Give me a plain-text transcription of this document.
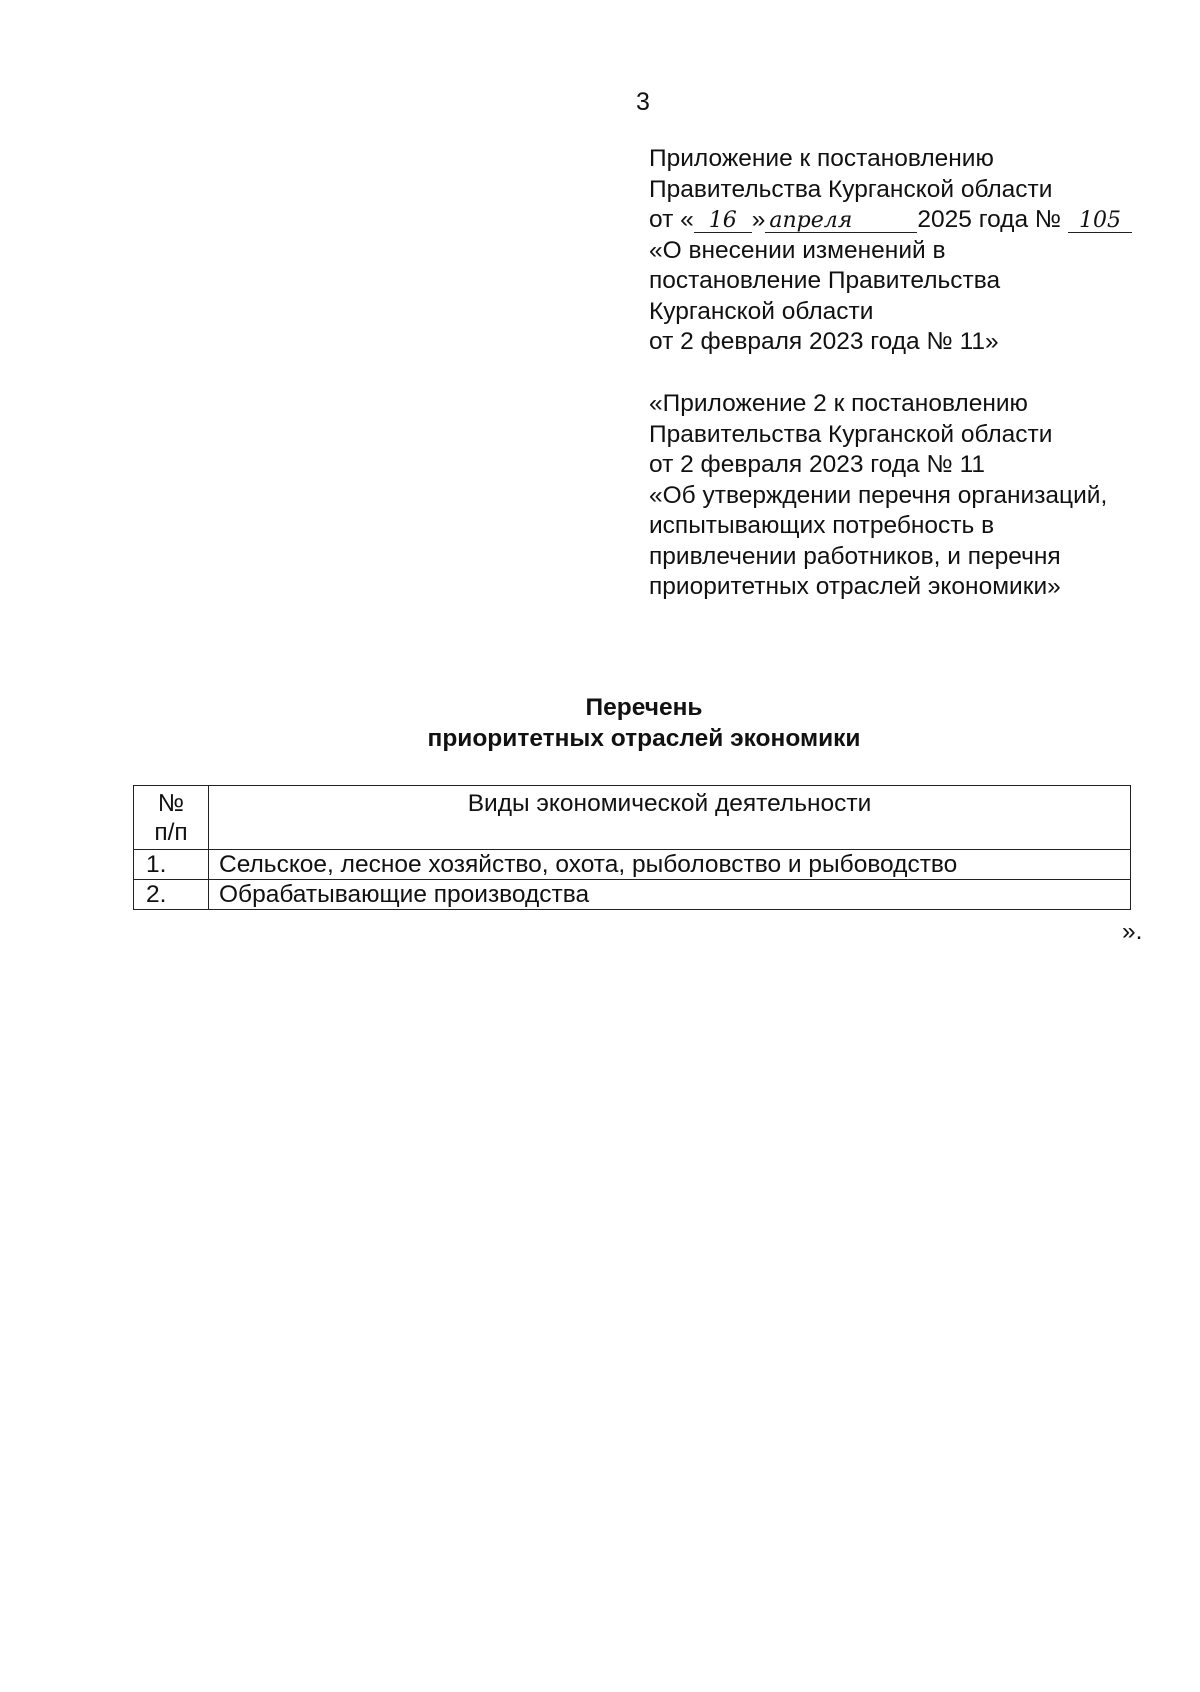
3
Приложение к постановлению
Правительства Курганской области
от « 16 » апреля	2025 года № 105
«О внесении изменений в
постановление Правительства
Курганской области
от 2 февраля 2023 года № 11»
«Приложение 2 к постановлению
Правительства Курганской области
от 2 февраля 2023 года № 11
«Об утверждении перечня организаций,
испытывающих потребность в
привлечении работников, и перечня
приоритетных отраслей экономики»
Перечень
приоритетных отраслей экономики
№
п/п	Виды экономической деятельности
1.	Сельское, лесное хозяйство, охота, рыболовство и рыбоводство
2.	Обрабатывающие производства
».
